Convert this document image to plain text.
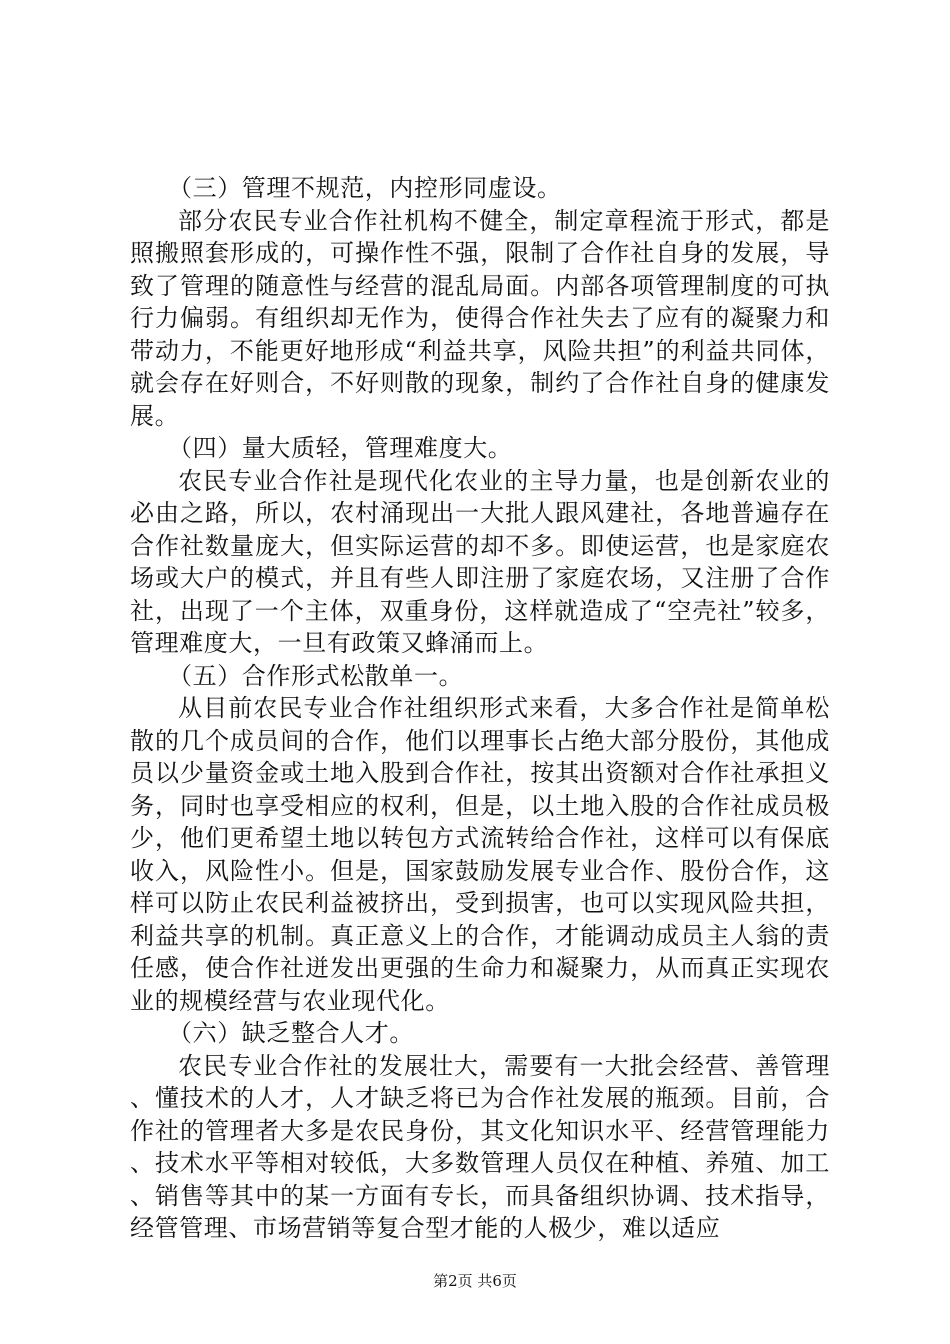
（三）管理不规范，内控形同虚设。

部分农民专业合作社机构不健全，制定章程流于形式，都是照搬照套形成的，可操作性不强，限制了合作社自身的发展，导致了管理的随意性与经营的混乱局面。内部各项管理制度的可执行力偏弱。有组织却无作为，使得合作社失去了应有的凝聚力和带动力，不能更好地形成“利益共享，风险共担”的利益共同体，就会存在好则合，不好则散的现象，制约了合作社自身的健康发展。

（四）量大质轻，管理难度大。

农民专业合作社是现代化农业的主导力量，也是创新农业的必由之路，所以，农村涌现出一大批人跟风建社，各地普遍存在合作社数量庞大，但实际运营的却不多。即使运营，也是家庭农场或大户的模式，并且有些人即注册了家庭农场，又注册了合作社，出现了一个主体，双重身份，这样就造成了“空壳社”较多，管理难度大，一旦有政策又蜂涌而上。

（五）合作形式松散单一。

从目前农民专业合作社组织形式来看，大多合作社是简单松散的几个成员间的合作，他们以理事长占绝大部分股份，其他成员以少量资金或土地入股到合作社，按其出资额对合作社承担义务，同时也享受相应的权利，但是，以土地入股的合作社成员极少，他们更希望土地以转包方式流转给合作社，这样可以有保底收入，风险性小。但是，国家鼓励发展专业合作、股份合作，这样可以防止农民利益被挤出，受到损害，也可以实现风险共担，利益共享的机制。真正意义上的合作，才能调动成员主人翁的责任感，使合作社迸发出更强的生命力和凝聚力，从而真正实现农业的规模经营与农业现代化。

（六）缺乏整合人才。

农民专业合作社的发展壮大，需要有一大批会经营、善管理、懂技术的人才，人才缺乏将已为合作社发展的瓶颈。目前，合作社的管理者大多是农民身份，其文化知识水平、经营管理能力、技术水平等相对较低，大多数管理人员仅在种植、养殖、加工、销售等其中的某一方面有专长，而具备组织协调、技术指导，经管管理、市场营销等复合型才能的人极少，难以适应

第2页 共6页
